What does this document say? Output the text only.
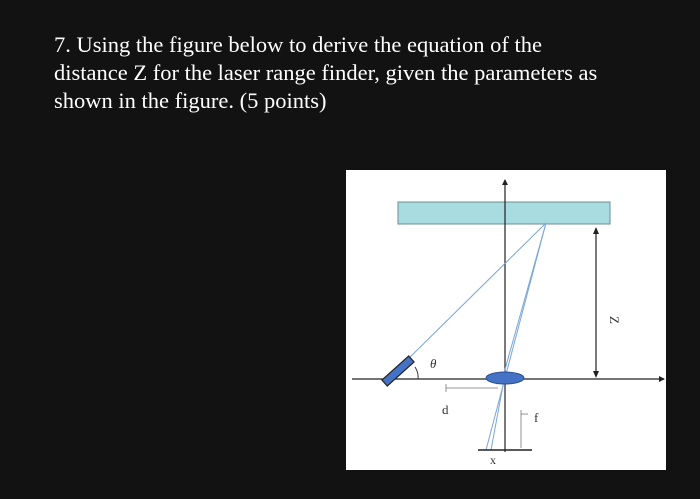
7. Using the figure below to derive the equation of the
distance Z for the laser range finder, given the parameters as
shown in the figure. (5 points)
θ
d
f
x
Z
